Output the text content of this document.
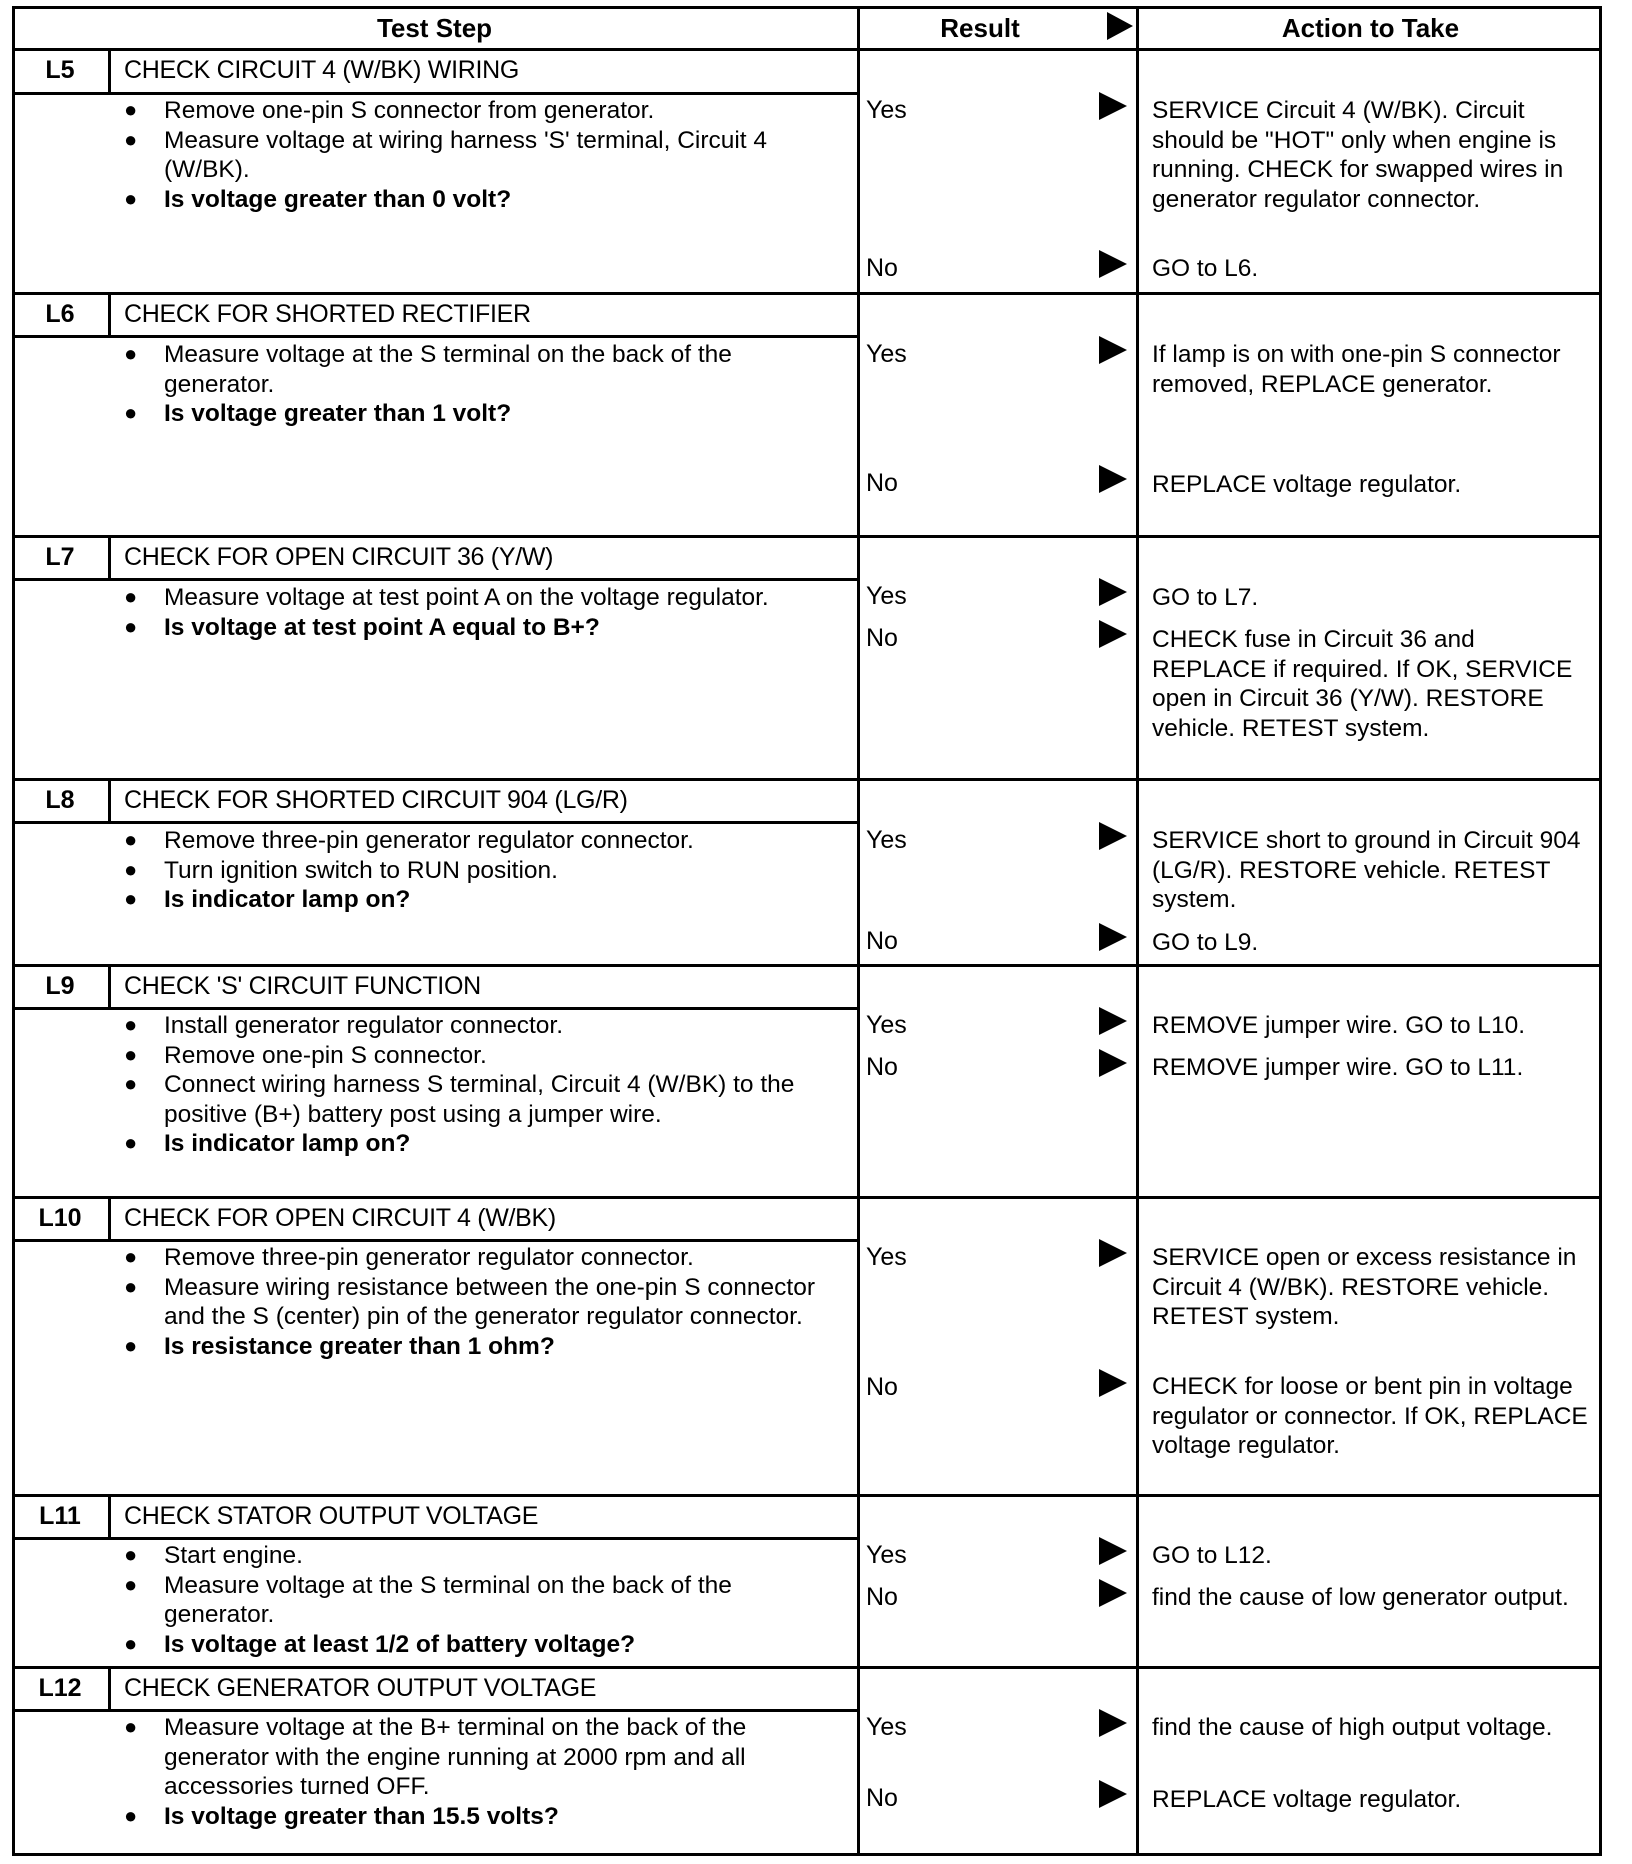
Test Step	Result	Action to Take
L5	CHECK CIRCUIT 4 (W/BK) WIRING
● Remove one-pin S connector from generator.
● Measure voltage at wiring harness 'S' terminal, Circuit 4 (W/BK).
● Is voltage greater than 0 volt?
Yes	SERVICE Circuit 4 (W/BK). Circuit should be "HOT" only when engine is running. CHECK for swapped wires in generator regulator connector.
No	GO to L6.
L6	CHECK FOR SHORTED RECTIFIER
● Measure voltage at the S terminal on the back of the generator.
● Is voltage greater than 1 volt?
Yes	If lamp is on with one-pin S connector removed, REPLACE generator.
No	REPLACE voltage regulator.
L7	CHECK FOR OPEN CIRCUIT 36 (Y/W)
● Measure voltage at test point A on the voltage regulator.
● Is voltage at test point A equal to B+?
Yes	GO to L7.
No	CHECK fuse in Circuit 36 and REPLACE if required. If OK, SERVICE open in Circuit 36 (Y/W). RESTORE vehicle. RETEST system.
L8	CHECK FOR SHORTED CIRCUIT 904 (LG/R)
● Remove three-pin generator regulator connector.
● Turn ignition switch to RUN position.
● Is indicator lamp on?
Yes	SERVICE short to ground in Circuit 904 (LG/R). RESTORE vehicle. RETEST system.
No	GO to L9.
L9	CHECK 'S' CIRCUIT FUNCTION
● Install generator regulator connector.
● Remove one-pin S connector.
● Connect wiring harness S terminal, Circuit 4 (W/BK) to the positive (B+) battery post using a jumper wire.
● Is indicator lamp on?
Yes	REMOVE jumper wire. GO to L10.
No	REMOVE jumper wire. GO to L11.
L10	CHECK FOR OPEN CIRCUIT 4 (W/BK)
● Remove three-pin generator regulator connector.
● Measure wiring resistance between the one-pin S connector and the S (center) pin of the generator regulator connector.
● Is resistance greater than 1 ohm?
Yes	SERVICE open or excess resistance in Circuit 4 (W/BK). RESTORE vehicle. RETEST system.
No	CHECK for loose or bent pin in voltage regulator or connector. If OK, REPLACE voltage regulator.
L11	CHECK STATOR OUTPUT VOLTAGE
● Start engine.
● Measure voltage at the S terminal on the back of the generator.
● Is voltage at least 1/2 of battery voltage?
Yes	GO to L12.
No	find the cause of low generator output.
L12	CHECK GENERATOR OUTPUT VOLTAGE
● Measure voltage at the B+ terminal on the back of the generator with the engine running at 2000 rpm and all accessories turned OFF.
● Is voltage greater than 15.5 volts?
Yes	find the cause of high output voltage.
No	REPLACE voltage regulator.
